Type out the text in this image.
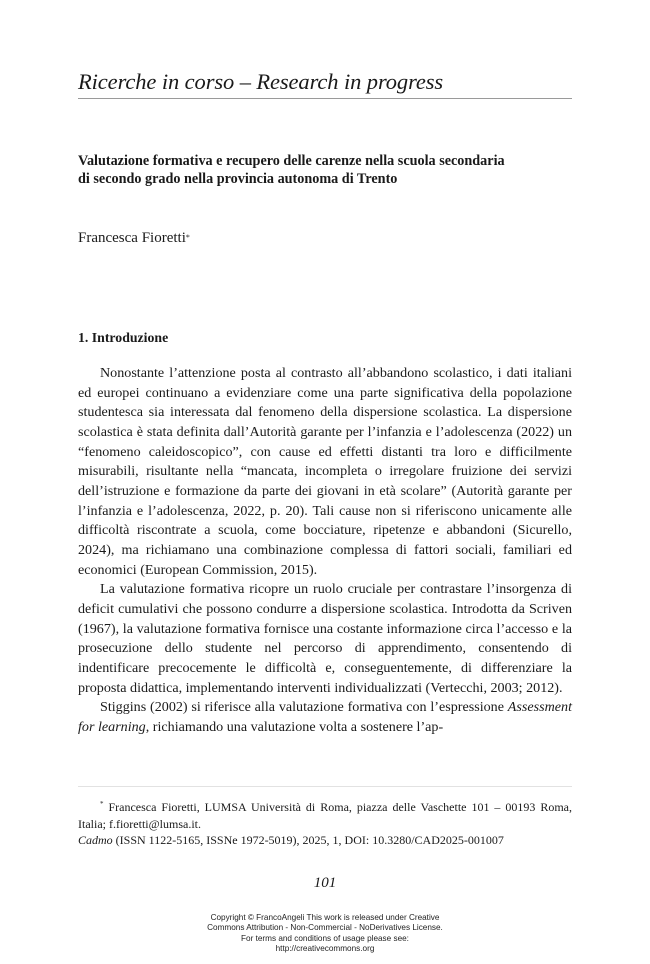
Ricerche in corso – Research in progress
Valutazione formativa e recupero delle carenze nella scuola secondaria
di secondo grado nella provincia autonoma di Trento
Francesca Fioretti*
1. Introduzione

Nonostante l’attenzione posta al contrasto all’abbandono scolastico, i dati italiani ed europei continuano a evidenziare come una parte significativa della popolazione studentesca sia interessata dal fenomeno della dispersione scolastica. La dispersione scolastica è stata definita dall’Autorità garante per l’infanzia e l’adolescenza (2022) un “fenomeno caleidoscopico”, con cause ed effetti distanti tra loro e difficilmente misurabili, risultante nella “mancata, incompleta o irregolare fruizione dei servizi dell’istruzione e formazione da parte dei giovani in età scolare” (Autorità garante per l’infanzia e l’adolescenza, 2022, p. 20). Tali cause non si riferiscono unicamente alle difficoltà riscontrate a scuola, come bocciature, ripetenze e abbandoni (Sicurello, 2024), ma richiamano una combinazione complessa di fattori sociali, familiari ed economici (European Commission, 2015).

La valutazione formativa ricopre un ruolo cruciale per contrastare l’insorgenza di deficit cumulativi che possono condurre a dispersione scolastica. Introdotta da Scriven (1967), la valutazione formativa fornisce una costante informazione circa l’accesso e la prosecuzione dello studente nel percorso di apprendimento, consentendo di indentificare precocemente le difficoltà e, conseguentemente, di differenziare la proposta didattica, implementando interventi individualizzati (Vertecchi, 2003; 2012).

Stiggins (2002) si riferisce alla valutazione formativa con l’espressione Assessment for learning, richiamando una valutazione volta a sostenere l’ap-

* Francesca Fioretti, LUMSA Università di Roma, piazza delle Vaschette 101 – 00193 Roma, Italia; f.fioretti@lumsa.it.

Cadmo (ISSN 1122-5165, ISSNe 1972-5019), 2025, 1, DOI: 10.3280/CAD2025-001007
101
Copyright © FrancoAngeli This work is released under Creative
Commons Attribution - Non-Commercial - NoDerivatives License.
For terms and conditions of usage please see:
http://creativecommons.org
